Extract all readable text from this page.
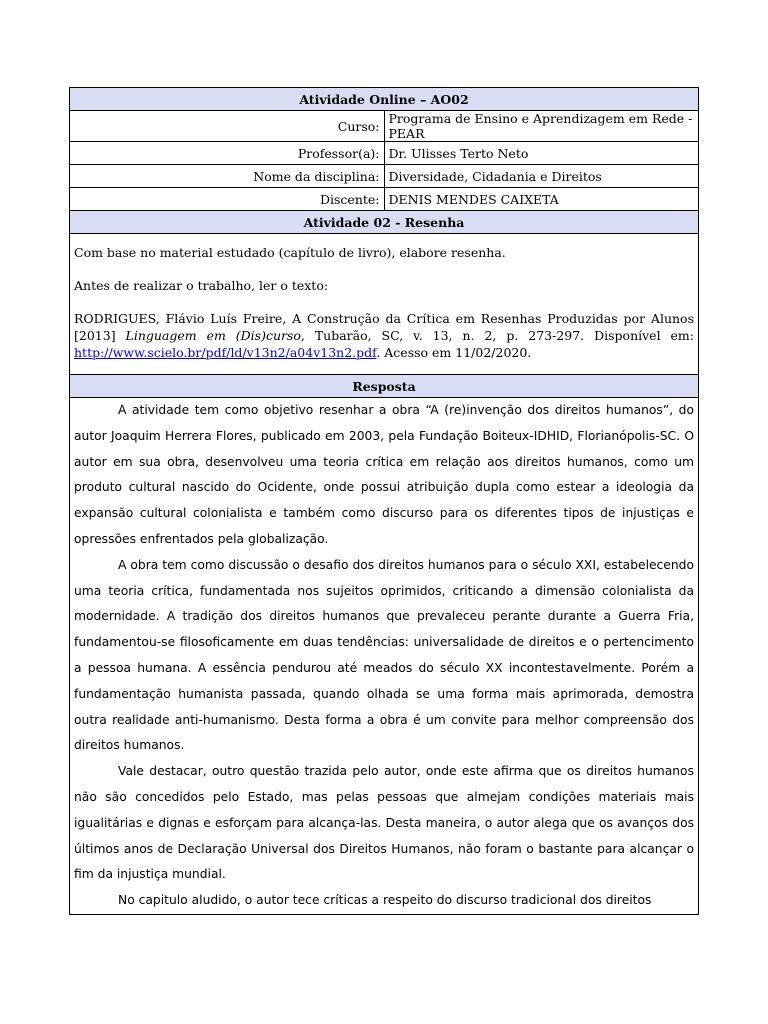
Atividade Online – AO02	
Curso:	Programa de Ensino e Aprendizagem em Rede - PEAR
Professor(a):	Dr. Ulisses Terto Neto
Nome da disciplina:	Diversidade, Cidadania e Direitos
Discente:	DENIS MENDES CAIXETA
Atividade 02 - Resenha	

Com base no material estudado (capítulo de livro), elabore resenha.

Antes de realizar o trabalho, ler o texto:

RODRIGUES, Flávio Luís Freire, A Construção da Crítica em Resenhas Produzidas por Alunos [2013] Linguagem em (Dis)curso, Tubarão, SC, v. 13, n. 2, p. 273-297. Disponível em: http://www.scielo.br/pdf/ld/v13n2/a04v13n2.pdf. Acesso em 11/02/2020.	

Resposta	

A atividade tem como objetivo resenhar a obra “A (re)invenção dos direitos humanos”, do autor Joaquim Herrera Flores, publicado em 2003, pela Fundação Boiteux-IDHID, Florianópolis-SC. O autor em sua obra, desenvolveu uma teoria crítica em relação aos direitos humanos, como um produto cultural nascido do Ocidente, onde possui atribuição dupla como estear a ideologia da expansão cultural colonialista e também como discurso para os diferentes tipos de injustiças e opressões enfrentados pela globalização.

A obra tem como discussão o desafio dos direitos humanos para o século XXI, estabelecendo uma teoria crítica, fundamentada nos sujeitos oprimidos, criticando a dimensão colonialista da modernidade. A tradição dos direitos humanos que prevaleceu perante durante a Guerra Fria, fundamentou-se filosoficamente em duas tendências: universalidade de direitos e o pertencimento a pessoa humana. A essência pendurou até meados do século XX incontestavelmente. Porém a fundamentação humanista passada, quando olhada se uma forma mais aprimorada, demostra outra realidade anti-humanismo. Desta forma a obra é um convite para melhor compreensão dos direitos humanos.

Vale destacar, outro questão trazida pelo autor, onde este afirma que os direitos humanos não são concedidos pelo Estado, mas pelas pessoas que almejam condições materiais mais igualitárias e dignas e esforçam para alcança-las. Desta maneira, o autor alega que os avanços dos últimos anos de Declaração Universal dos Direitos Humanos, não foram o bastante para alcançar o fim da injustiça mundial.

No capitulo aludido, o autor tece críticas a respeito do discurso tradicional dos direitos	
